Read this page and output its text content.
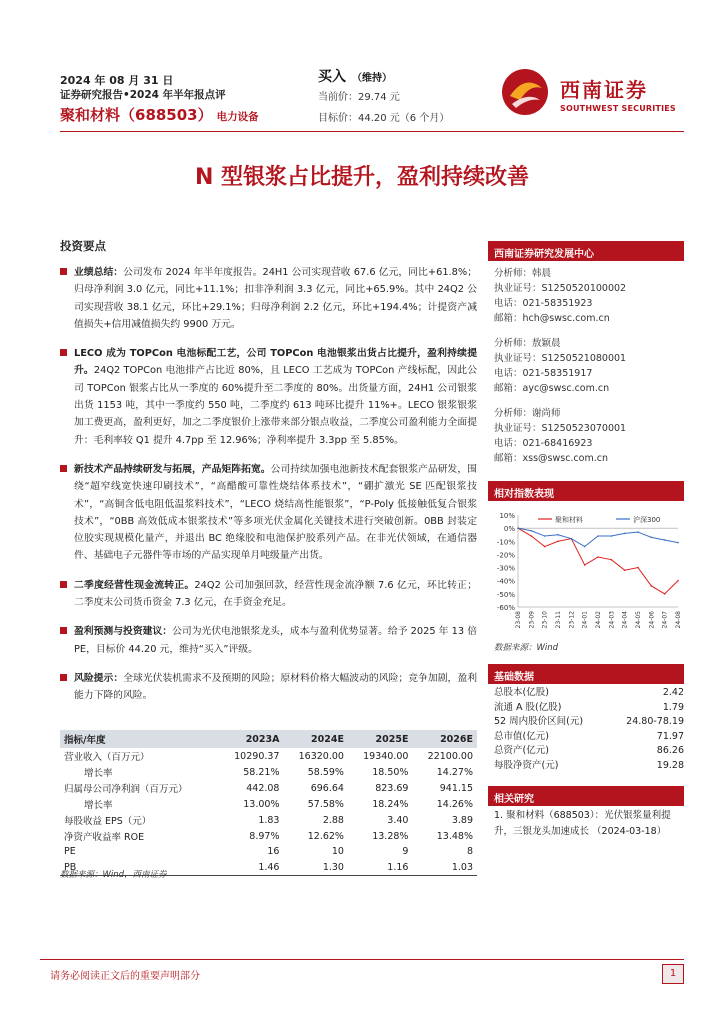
2024 年 08 月 31 日
证券研究报告•2024 年半年报点评
聚和材料（688503） 电力设备
买入 （维持）
当前价：29.74 元
目标价：44.20 元（6 个月）
西南证券
SOUTHWEST SECURITIES
N 型银浆占比提升，盈利持续改善
投资要点
业绩总结：公司发布 2024 年半年度报告。24H1 公司实现营收 67.6 亿元，同比+61.8%；归母净利润 3.0 亿元，同比+11.1%；扣非净利润 3.3 亿元，同比+65.9%。其中 24Q2 公司实现营收 38.1 亿元，环比+29.1%；归母净利润 2.2 亿元，环比+194.4%；计提资产减值损失+信用减值损失约 9900 万元。
LECO 成为 TOPCon 电池标配工艺，公司 TOPCon 电池银浆出货占比提升，盈利持续提升。24Q2 TOPCon 电池排产占比近 80%，且 LECO 工艺成为 TOPCon 产线标配，因此公司 TOPCon 银浆占比从一季度的 60%提升至二季度的 80%。出货量方面，24H1 公司银浆出货 1153 吨，其中一季度约 550 吨，二季度约 613 吨环比提升 11%+。LECO 银浆银浆加工费更高，盈利更好，加之二季度银价上涨带来部分银点收益，二季度公司盈利能力全面提升：毛利率较 Q1 提升 4.7pp 至 12.96%；净利率提升 3.3pp 至 5.85%。
新技术产品持续研发与拓展，产品矩阵拓宽。公司持续加强电池新技术配套银浆产品研发，围绕“超窄线宽快速印刷技术”，“高醋酸可靠性烧结体系技术”，“硼扩激光 SE 匹配银浆技术”，“高铜含低电阻低温浆料技术”，“LECO 烧结高性能银浆”，“P-Poly 低接触低复合银浆技术”，“0BB 高效低成本银浆技术”等多项光伏金属化关键技术进行突破创新。0BB 封装定位胶实现规模化量产，并退出 BC 绝缘胶和电池保护胶系列产品。在非光伏领域，在通信器件、基础电子元器件等市场的产品实现单月吨级量产出货。
二季度经营性现金流转正。24Q2 公司加强回款，经营性现金流净额 7.6 亿元，环比转正；二季度末公司货币资金 7.3 亿元，在手资金充足。
盈利预测与投资建议：公司为光伏电池银浆龙头，成本与盈利优势显著。给予 2025 年 13 倍 PE，目标价 44.20 元，维持“买入”评级。
风险提示：全球光伏装机需求不及预期的风险；原材料价格大幅波动的风险；竞争加剧，盈利能力下降的风险。
指标/年度	2023A	2024E	2025E	2026E
营业收入（百万元）	10290.37	16320.00	19340.00	22100.00
增长率	58.21%	58.59%	18.50%	14.27%
归属母公司净利润（百万元）	442.08	696.64	823.69	941.15
增长率	13.00%	57.58%	18.24%	14.26%
每股收益 EPS（元）	1.83	2.88	3.40	3.89
净资产收益率 ROE	8.97%	12.62%	13.28%	13.48%
PE	16	10	9	8
PB	1.46	1.30	1.16	1.03
数据来源：Wind，西南证券
西南证券研究发展中心
分析师：韩晨
执业证号：S1250520100002
电话：021-58351923
邮箱：hch@swsc.com.cn
分析师：敖颖晨
执业证号：S1250521080001
电话：021-58351917
邮箱：ayc@swsc.com.cn
分析师：谢尚师
执业证号：S1250523070001
电话：021-68416923
邮箱：xss@swsc.com.cn
相对指数表现
10%
0%
-10%
-20%
-30%
-40%
-50%
-60%
23-08 23-09 23-10 23-11 23-12 24-01 24-02 24-03 24-04 24-05 24-06 24-07 24-08
聚和材料	沪深300
数据来源：Wind
基础数据
总股本(亿股)	2.42
流通 A 股(亿股)	1.79
52 周内股价区间(元)	24.80-78.19
总市值(亿元)	71.97
总资产(亿元)	86.26
每股净资产(元)	19.28
相关研究
1. 聚和材料（688503）：光伏银浆量利提升，三银龙头加速成长 （2024-03-18）
请务必阅读正文后的重要声明部分	1
